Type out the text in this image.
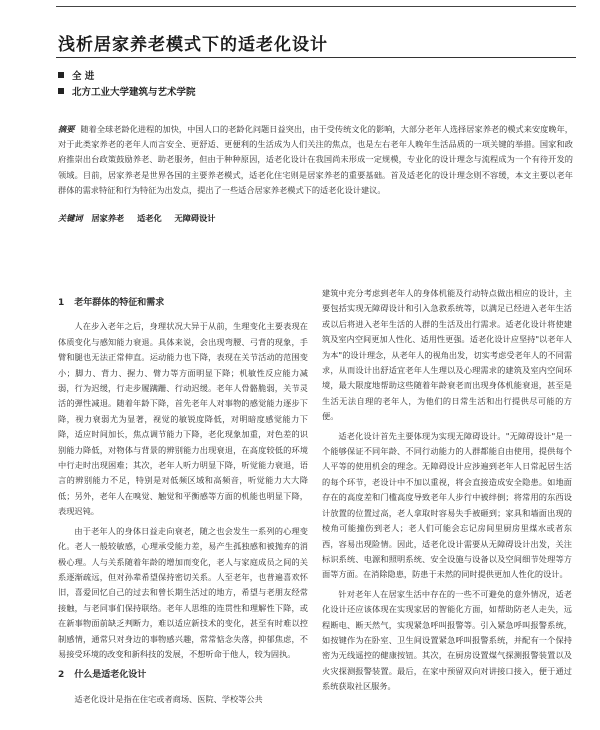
浅析居家养老模式下的适老化设计
全 进
北方工业大学建筑与艺术学院
摘要 随着全球老龄化进程的加快，中国人口的老龄化问题日益突出，由于受传统文化的影响，大部分老年人选择居家养老的模式来安度晚年，对于此类家养老的老年人而言安全、更舒适、更便利的生活成为人们关注的焦点，也是左右老年人晚年生活品质的一项关键的举措。国家和政府推崇出台政策鼓励养老、助老服务，但由于种种原因，适老化设计在我国尚未形成一定规模，专业化的设计理念与流程成为一个有待开发的领域。目前，居家养老是世界各国的主要养老模式，适老化住宅则是居家养老的重要基础。首及适老化的设计理念则不容缓，本文主要以老年群体的需求特征和行为特征为出发点，提出了一些适合居家养老模式下的适老化设计建议。
关键词 居家养老 适老化 无障碍设计
1 老年群体的特征和需求

人在步入老年之后，身理状况大异于从前，生理变化主要表现在体质变化与感知能力衰退。具体来说，会出现弯腰、弓背的现象，手臂和腿也无法正常伸直。运动能力也下降，表现在关节活动的范围变小；脚力、背力、握力、臂力等方面明显下降；机敏性反应能力减弱，行为迟缓，行走步履蹒跚、行动迟缓。老年人骨骼脆弱，关节灵活的弹性减退。随着年龄下降，首先老年人对事物的感觉能力逐步下降，视力衰弱尤为显著，视觉的敏锐度降低，对明暗度感觉能力下降，适应时间加长，焦点调节能力下降，老化现象加重，对色差的识别能力降低，对物体与背景的辨别能力出现衰退，在高度较低的环境中行走时出现困难；其次，老年人听力明显下降，听觉能力衰退，语言的辨别能力不足，特别是对低频区域和高频音，听觉能力大大降低；另外，老年人在嗅觉、触觉和平衡感等方面的机能也明显下降，表现迟钝。

由于老年人的身体日益走向衰老，随之也会发生一系列的心理变化。老人一般较敏感，心理承受能力差，易产生孤独感和被抛弃的消极心理。人与关系随着年龄的增加而变化，老人与家庭成员之间的关系逐渐疏远，但对孙辈希望保持密切关系。人至老年，也普遍喜欢怀旧，喜爱回忆自己的过去和曾长期生活过的地方，希望与老朋友经常接触，与老同事们保持联络。老年人思维的连贯性和理解性下降，或在新事物面前缺乏判断力，难以适应新技术的变化，甚至有时难以控制感情，通常只对身边的事物感兴趣，常常惦念失落，抑郁焦虑，不易接受环境的改变和新科技的发展，不想听命于他人，较为固执。

2 什么是适老化设计

适老化设计是指在住宅或者商场、医院、学校等公共

建筑中充分考虑到老年人的身体机能及行动特点做出相应的设计，主要包括实现无障碍设计和引入急救系统等，以满足已经进入老年生活或以后将进入老年生活的人群的生活及出行需求。适老化设计将使建筑及室内空间更加人性化、适用性更强。适老化设计应坚持"以老年人为本"的设计理念，从老年人的视角出发，切实考虑受老年人的不同需求，从而设计出舒适宜老年人生理以及心理需求的建筑及室内空间环境，最大限度地帮助这些随着年龄衰老而出现身体机能衰退，甚至是生活无法自理的老年人，为他们的日常生活和出行提供尽可能的方便。

适老化设计首先主要体现为实现无障碍设计。"无障碍设计"是一个能够保证不同年龄、不同行动能力的人群都能自由使用，提供每个人平等的使用机会的理念。无障碍设计应涉遍到老年人日常起居生活的每个环节，老设计中不加以重视，将会直接造成安全隐患。如地面存在的高度差和门槛高度导致老年人步行中被绊倒；将常用的东西设计放置的位置过高，老人拿取时容易失手被砸到；家具和墙面出现的棱角可能撞伤到老人；老人们可能会忘记房间里厨房里煤水或者东西，容易出现险情。因此，适老化设计需要从无障碍设计出发，关注标识系统、电源和照明系统、安全设施与设备以及空间细节处理等方面等方面。在消除隐患，防患于未然的同时提供更加人性化的设计。

针对老年人在居家生活中存在的一些不可避免的意外情况，适老化设计还应该体现在实现家居的智能化方面，如帮助防老人走失，远程断电、断天然气，实现紧急呼叫报警等。引入紧急呼叫报警系统，如按键作为在卧室、卫生间设置紧急呼叫报警系统，并配有一个保持密为无线遥控的健康按钮。其次，在厨房设置煤气探测报警装置以及火灾探测报警装置。最后，在家中预留双向对讲接口接入，便于通过系统获取社区服务。
